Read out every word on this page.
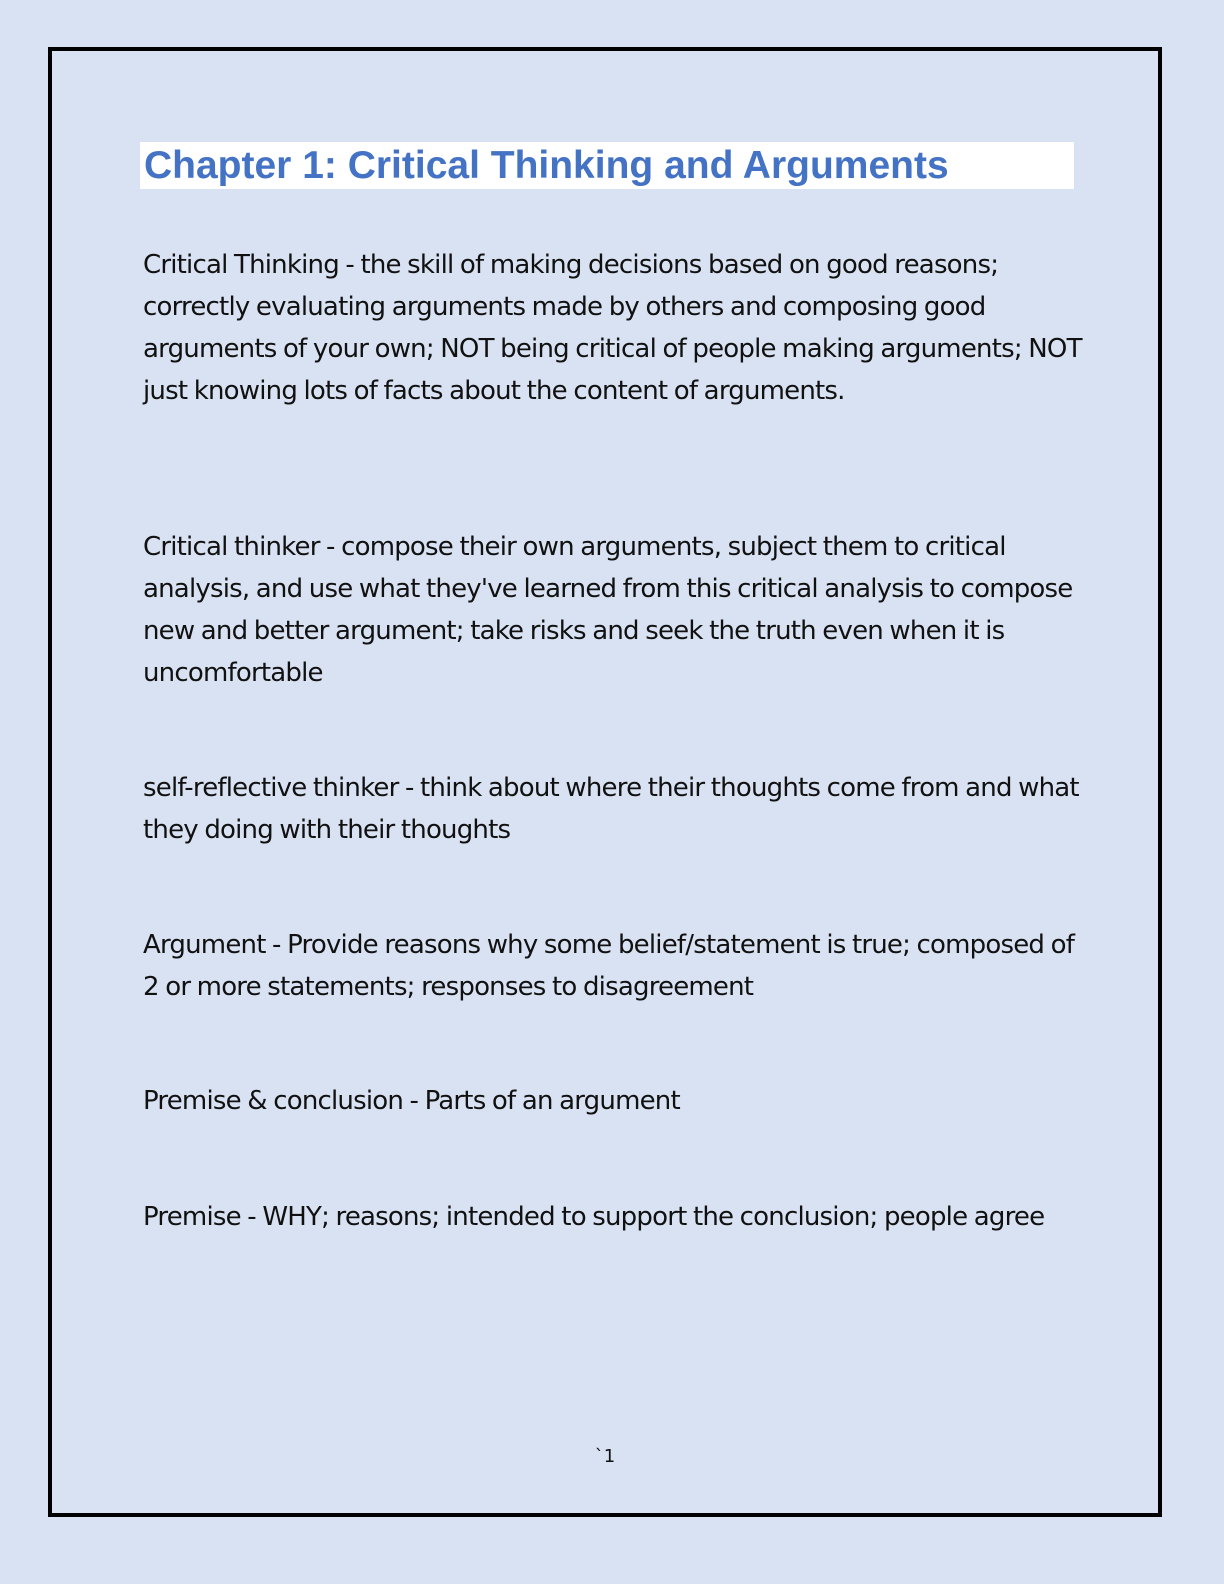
Chapter 1: Critical Thinking and Arguments

Critical Thinking - the skill of making decisions based on good reasons; correctly evaluating arguments made by others and composing good arguments of your own; NOT being critical of people making arguments; NOT just knowing lots of facts about the content of arguments.

Critical thinker - compose their own arguments, subject them to critical analysis, and use what they've learned from this critical analysis to compose new and better argument; take risks and seek the truth even when it is uncomfortable

self-reflective thinker - think about where their thoughts come from and what they doing with their thoughts

Argument - Provide reasons why some belief/statement is true; composed of 2 or more statements; responses to disagreement

Premise & conclusion - Parts of an argument

Premise - WHY; reasons; intended to support the conclusion; people agree

`1
